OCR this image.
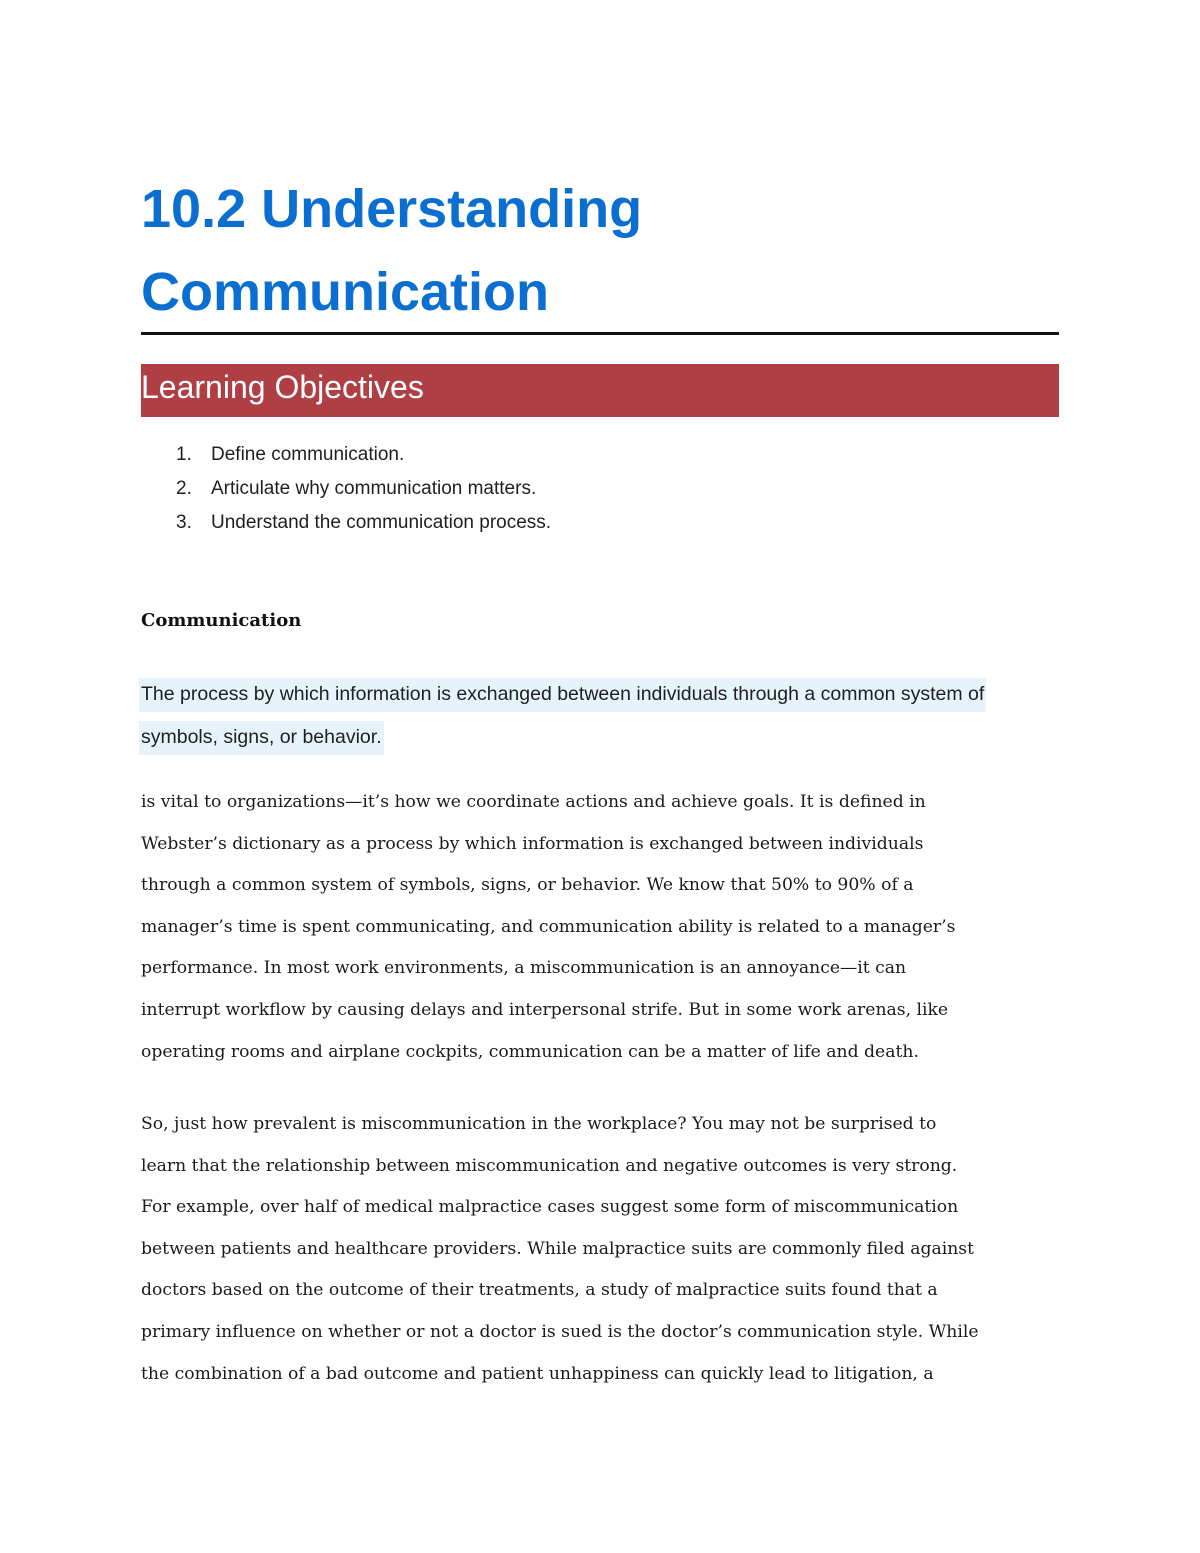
10.2 Understanding Communication
Learning Objectives
1. Define communication.
2. Articulate why communication matters.
3. Understand the communication process.
Communication

The process by which information is exchanged between individuals through a common system of symbols, signs, or behavior.

is vital to organizations—it’s how we coordinate actions and achieve goals. It is defined in
Webster’s dictionary as a process by which information is exchanged between individuals
through a common system of symbols, signs, or behavior. We know that 50% to 90% of a
manager’s time is spent communicating, and communication ability is related to a manager’s
performance. In most work environments, a miscommunication is an annoyance—it can
interrupt workflow by causing delays and interpersonal strife. But in some work arenas, like
operating rooms and airplane cockpits, communication can be a matter of life and death.

So, just how prevalent is miscommunication in the workplace? You may not be surprised to
learn that the relationship between miscommunication and negative outcomes is very strong.
For example, over half of medical malpractice cases suggest some form of miscommunication
between patients and healthcare providers. While malpractice suits are commonly filed against
doctors based on the outcome of their treatments, a study of malpractice suits found that a
primary influence on whether or not a doctor is sued is the doctor’s communication style. While
the combination of a bad outcome and patient unhappiness can quickly lead to litigation, a
